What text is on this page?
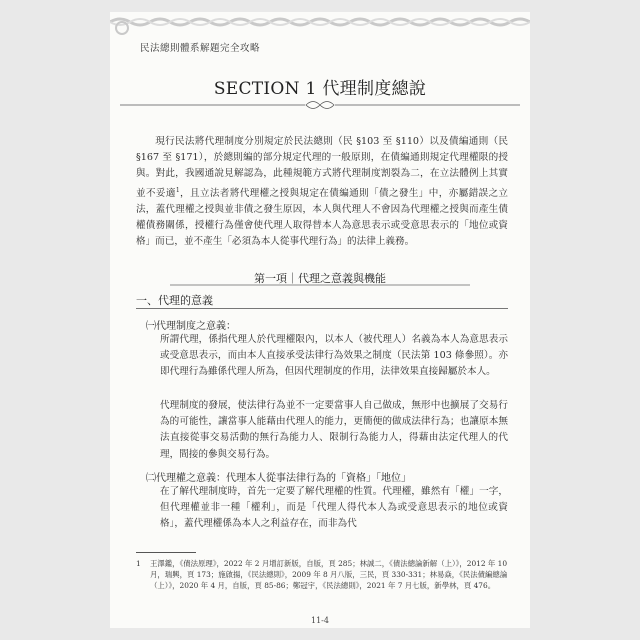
民法總則體系解題完全攻略
SECTION 1 代理制度總說
現行民法將代理制度分別規定於民法總則（民 §103 至 §110）以及債編通則（民 §167 至 §171），於總則編的部分規定代理的一般原則，在債編通則規定代理權限的授與。對此，我國通說見解認為，此種規範方式將代理制度割裂為二，在立法體例上其實並不妥適$^1$，且立法者將代理權之授與規定在債編通則「債之發生」中，亦屬錯誤之立法，蓋代理權之授與並非債之發生原因，本人與代理人不會因為代理權之授與而產生債權債務關係，授權行為僅會使代理人取得替本人為意思表示或受意思表示的「地位或資格」而已，並不產生「必須為本人從事代理行為」的法律上義務。
第一項｜代理之意義與機能
一、代理的意義
㈠代理制度之意義：
所謂代理，係指代理人於代理權限內，以本人（被代理人）名義為本人為意思表示或受意思表示，而由本人直接承受法律行為效果之制度（民法第 103 條參照）。亦即代理行為雖係代理人所為，但因代理制度的作用，法律效果直接歸屬於本人。
代理制度的發展，使法律行為並不一定要當事人自己做成，無形中也擴展了交易行為的可能性，讓當事人能藉由代理人的能力，更簡便的做成法律行為；也讓原本無法直接從事交易活動的無行為能力人、限制行為能力人，得藉由法定代理人的代理，間接的參與交易行為。
㈡代理權之意義：代理本人從事法律行為的「資格」「地位」
在了解代理制度時，首先一定要了解代理權的性質。代理權，雖然有「權」一字，但代理權並非一種「權利」，而是「代理人得代本人為或受意思表示的地位或資格」，蓋代理權係為本人之利益存在，而非為代
1 王澤鑑，《債法原理》，2022 年 2 月增訂新版，自版，頁 285；林誠二，《債法總論新解（上）》，2012 年 10 月，瑞興，頁 173；施啟揚，《民法總則》，2009 年 8 月八版，三民，頁 330-331；林易焱，《民法債編總論（上）》，2020 年 4 月，自版，頁 85-86；鄭冠宇，《民法總則》，2021 年 7 月七版，新學林，頁 476。
11-4
